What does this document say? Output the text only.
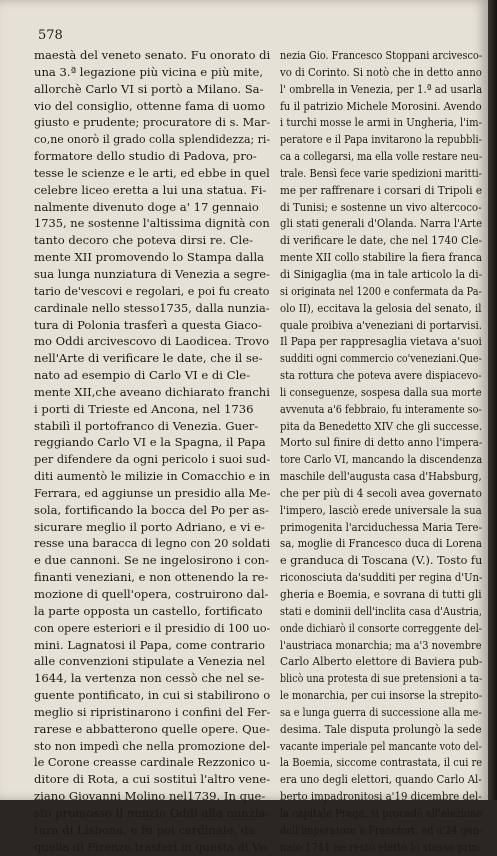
578
maestà del veneto senato. Fu onorato di
una 3.ª legazione più vicina e più mite,
allorchè Carlo VI si portò a Milano. Sa-
vio del consiglio, ottenne fama di uomo
giusto e prudente; procuratore di s. Mar-
co,ne onorò il grado colla splendidezza; ri-
formatore dello studio di Padova, pro-
tesse le scienze e le arti, ed ebbe in quel
celebre liceo eretta a lui una statua. Fi-
nalmente divenuto doge a' 17 gennaio
1735, ne sostenne l'altissima dignità con
tanto decoro che poteva dirsi re. Cle-
mente XII promovendo lo Stampa dalla
sua lunga nunziatura di Venezia a segre-
tario de'vescovi e regolari, e poi fu creato
cardinale nello stesso1735, dalla nunzia-
tura di Polonia trasferì a questa Giaco-
mo Oddi arcivescovo di Laodicea. Trovo
nell'Arte di verificare le date, che il se-
nato ad esempio di Carlo VI e di Cle-
mente XII,che aveano dichiarato franchi
i porti di Trieste ed Ancona, nel 1736
stabilì il portofranco di Venezia. Guer-
reggiando Carlo VI e la Spagna, il Papa
per difendere da ogni pericolo i suoi sud-
diti aumentò le milizie in Comacchio e in
Ferrara, ed aggiunse un presidio alla Me-
sola, fortificando la bocca del Po per as-
sicurare meglio il porto Adriano, e vi e-
resse una baracca di legno con 20 soldati
e due cannoni. Se ne ingelosirono i con-
finanti veneziani, e non ottenendo la re-
mozione di quell'opera, costruirono dal-
la parte opposta un castello, fortificato
con opere esteriori e il presidio di 100 uo-
mini. Lagnatosi il Papa, come contrario
alle convenzioni stipulate a Venezia nel
1644, la vertenza non cessò che nel se-
guente pontificato, in cui si stabilirono o
meglio si ripristinarono i confini del Fer-
rarese e abbatterono quelle opere. Que-
sto non impedì che nella promozione del-
le Corone creasse cardinale Rezzonico u-
ditore di Rota, a cui sostituì l'altro vene-
ziano Giovanni Molino nel1739. In que-
sto promosso il nunzio Oddi alla nunzia-
tura di Lisbona, e fu poi cardinale, da
quella di Firenze trasferì in questa di Ve-
nezia Gio. Francesco Stoppani arcivesco-
vo di Corinto. Si notò che in detto anno
l' ombrella in Venezia, per 1.ª ad usarla
fu il patrizio Michele Morosini. Avendo
i turchi mosse le armi in Ungheria, l'im-
peratore e il Papa invitarono la repubbli-
ca a collegarsi, ma ella volle restare neu-
trale. Bensì fece varie spedizioni maritti-
me per raffrenare i corsari di Tripoli e
di Tunisi; e sostenne un vivo altercoco-
gli stati generali d'Olanda. Narra l'Arte
di verificare le date, che nel 1740 Cle-
mente XII collo stabilire la fiera franca
di Sinigaglia (ma in tale articolo la di-
si originata nel 1200 e confermata da Pa-
olo II), eccitava la gelosia del senato, il
quale proibiva a'veneziani di portarvisi.
Il Papa per rappresaglia vietava a'suoi
sudditi ogni commercio co'veneziani.Que-
sta rottura che poteva avere dispiacevo-
li conseguenze, sospesa dalla sua morte
avvenuta a'6 febbraio, fu interamente so-
pita da Benedetto XIV che gli successe.
Morto sul finire di detto anno l'impera-
tore Carlo VI, mancando la discendenza
maschile dell'augusta casa d'Habsburg,
che per più di 4 secoli avea governato
l'impero, lasciò erede universale la sua
primogenita l'arciduchessa Maria Tere-
sa, moglie di Francesco duca di Lorena
e granduca di Toscana (V.). Tosto fu
riconosciuta da'sudditi per regina d'Un-
gheria e Boemia, e sovrana di tutti gli
stati e dominii dell'inclita casa d'Austria,
onde dichiarò il consorte correggente del-
l'austriaca monarchia; ma a'3 novembre
Carlo Alberto elettore di Baviera pub-
blicò una protesta di sue pretensioni a ta-
le monarchia, per cui insorse la strepito-
sa e lunga guerra di successione alla me-
desima. Tale disputa prolungò la sede
vacante imperiale pel mancante voto del-
la Boemia, siccome contrastata, il cui re
era uno degli elettori, quando Carlo Al-
berto impadronitosi a'19 dicembre del-
la capitale Praga, si procedè all'elezione
dell'imperatore a Francfort, ed a'24 gen-
naio 1741 ne restò eletto lo stesso prin-
